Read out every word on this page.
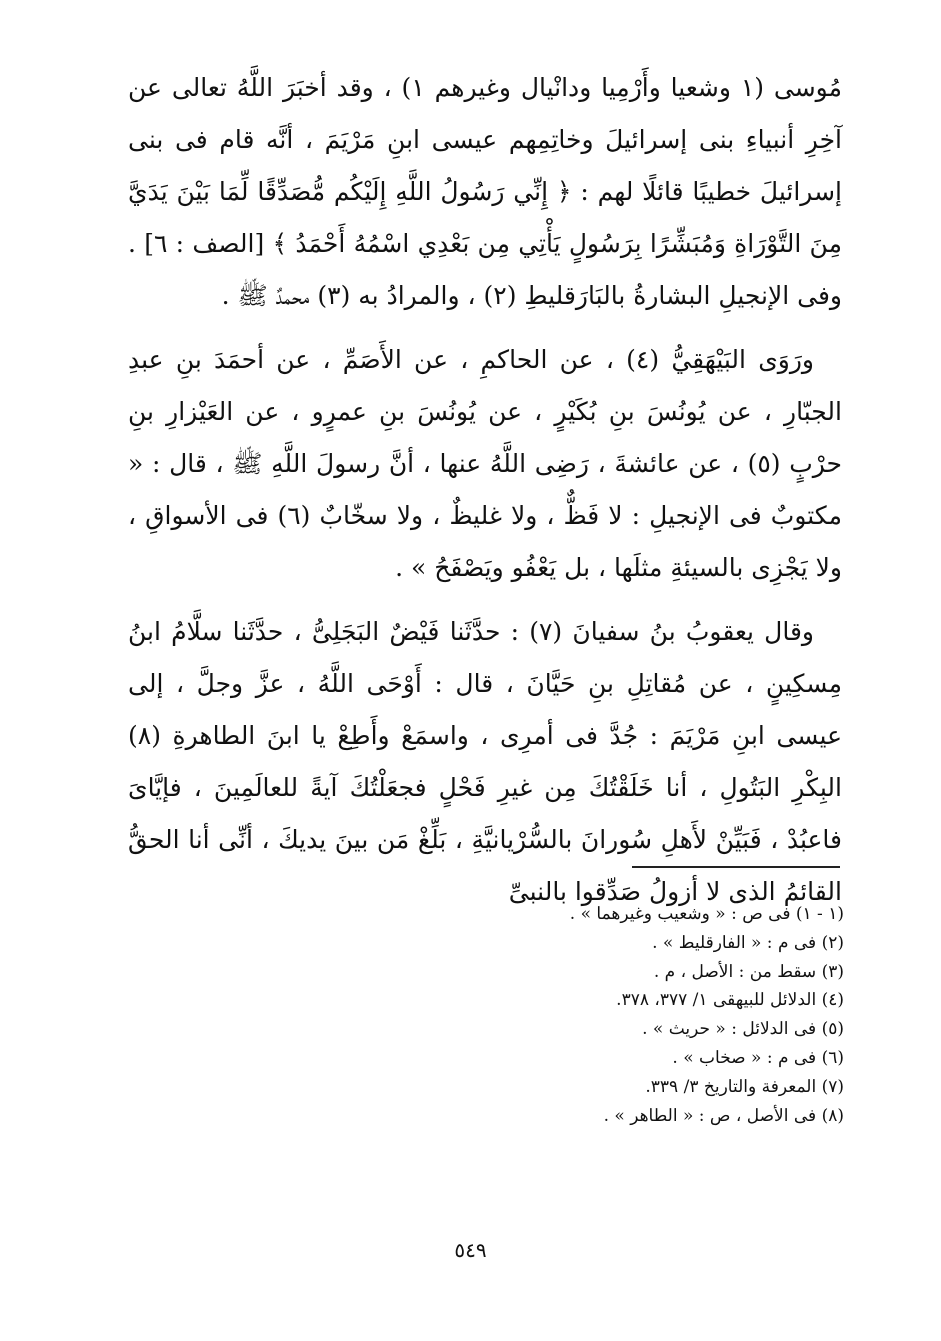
مُوسى (١ وشعيا وأَرْمِيا ودانْيال وغيرهم ١) ، وقد أخبَرَ اللَّهُ تعالى عن آخِرِ أنبياءِ بنى إسرائيلَ وخاتِمِهم عيسى ابنِ مَرْيَمَ ، أنَّه قام فى بنى إسرائيلَ خطيبًا قائلًا لهم : ﴿ إِنِّي رَسُولُ اللَّهِ إِلَيْكُم مُّصَدِّقًا لِّمَا بَيْنَ يَدَيَّ مِنَ التَّوْرَاةِ وَمُبَشِّرًا بِرَسُولٍ يَأْتِي مِن بَعْدِي اسْمُهُ أَحْمَدُ ﴾ [الصف : ٦] . وفى الإنجيلِ البشارةُ بالبَارَقليطِ (٢) ، والمرادُ به (٣) محمدٌ ﷺ .

ورَوَى البَيْهَقِيُّ (٤) ، عن الحاكمِ ، عن الأَصَمِّ ، عن أحمَدَ بنِ عبدِ الجبّارِ ، عن يُونُسَ بنِ بُكَيْرٍ ، عن يُونُسَ بنِ عمرٍو ، عن العَيْزارِ بنِ حرْبٍ (٥) ، عن عائشةَ ، رَضِى اللَّهُ عنها ، أنَّ رسولَ اللَّهِ ﷺ ، قال : « مكتوبٌ فى الإنجيلِ : لا فَظٌّ ، ولا غليظٌ ، ولا سخّابٌ (٦) فى الأسواقِ ، ولا يَجْزِى بالسيئةِ مثلَها ، بل يَعْفُو ويَصْفَحُ » .

وقال يعقوبُ بنُ سفيانَ (٧) : حدَّثَنا فَيْضٌ البَجَلِىُّ ، حدَّثَنا سلَّامُ ابنُ مِسكِينٍ ، عن مُقاتِلِ بنِ حَيَّانَ ، قال : أَوْحَى اللَّهُ ، عزَّ وجلَّ ، إلى عيسى ابنِ مَرْيَمَ : جُدَّ فى أمرِى ، واسمَعْ وأَطِعْ يا ابنَ الطاهرةِ (٨) البِكْرِ البَتُولِ ، أنا خَلَقْتُكَ مِن غيرِ فَحْلٍ فجعَلْتُكَ آيةً للعالَمِينَ ، فإيَّاىَ فاعبُدْ ، فَبَيِّنْ لأَهلِ سُورانَ بالسُّرْيانيَّةِ ، بَلِّغْ مَن بينَ يديكَ ، أنِّى أنا الحقُّ القائمُ الذى لا أزولُ صَدِّقوا بالنبىِّ

(١ - ١) فى ص : « وشعيب وغيرهما » .

(٢) فى م : « الفارقليط » .

(٣) سقط من : الأصل ، م .

(٤) الدلائل للبيهقى ١/ ٣٧٧، ٣٧٨.

(٥) فى الدلائل : « حريث » .

(٦) فى م : « صخاب » .

(٧) المعرفة والتاريخ ٣/ ٣٣٩.

(٨) فى الأصل ، ص : « الطاهر » .

٥٤٩
